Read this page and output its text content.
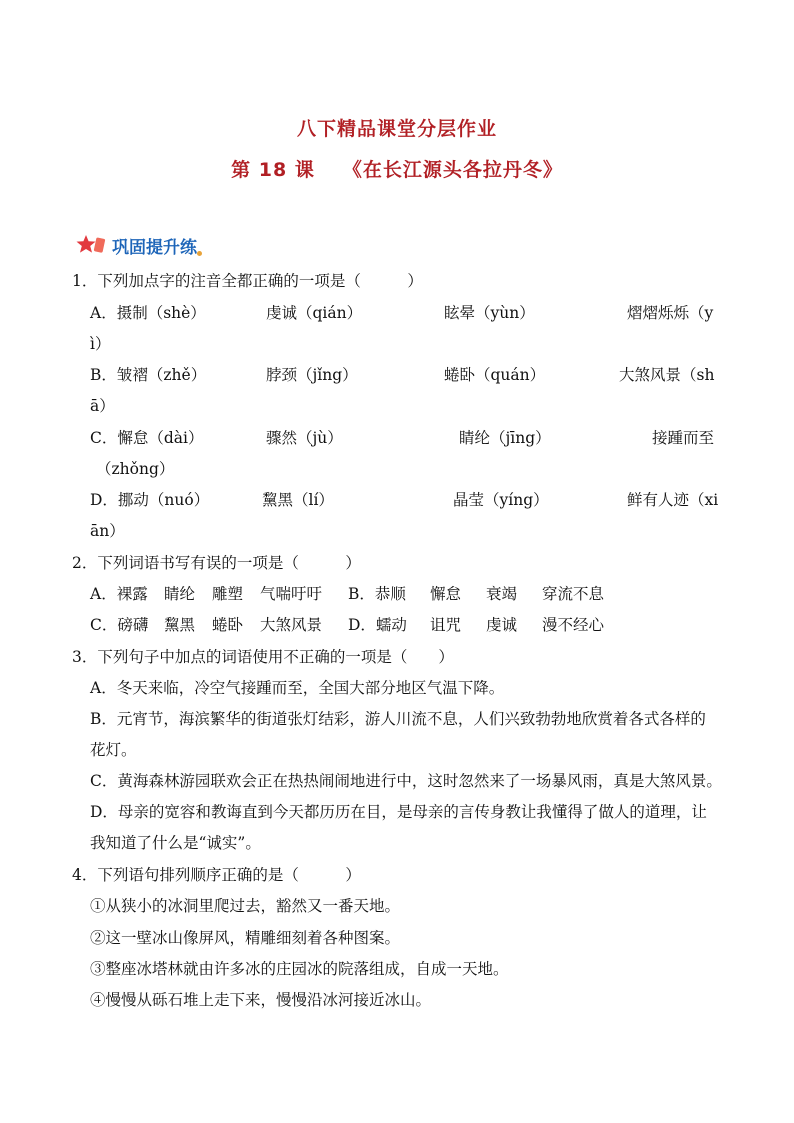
八下精品课堂分层作业
第 18 课 《在长江源头各拉丹冬》
巩固提升练
1．下列加点字的注音全都正确的一项是（　　　）
A．摄制（shè）	虔诚（qián）	眩晕（yùn）	熠熠烁烁（y
ì）
B．皱褶（zhě）	脖颈（jǐng）	蜷卧（quán）	大煞风景（sh
ā）
C．懈怠（dài）	骤然（jù）	睛纶（jīng）	接踵而至
（zhǒng）
D．挪动（nuó）	黧黑（lí）	晶莹（yíng）	鲜有人迹（xi
ān）
2．下列词语书写有误的一项是（　　　）
A．裸露 睛纶 雕塑 气喘吁吁 B．恭顺 懈怠 衰竭 穿流不息
C．磅礴 黧黑 蜷卧 大煞风景 D．蠕动 诅咒 虔诚 漫不经心
3．下列句子中加点的词语使用不正确的一项是（　　）
A．冬天来临，冷空气接踵而至，全国大部分地区气温下降。
B．元宵节，海滨繁华的街道张灯结彩，游人川流不息，人们兴致勃勃地欣赏着各式各样的
花灯。
C．黄海森林游园联欢会正在热热闹闹地进行中，这时忽然来了一场暴风雨，真是大煞风景。
D．母亲的宽容和教诲直到今天都历历在目，是母亲的言传身教让我懂得了做人的道理，让
我知道了什么是“诚实”。
4．下列语句排列顺序正确的是（　　　）
①从狭小的冰洞里爬过去，豁然又一番天地。
②这一壁冰山像屏风，精雕细刻着各种图案。
③整座冰塔林就由许多冰的庄园冰的院落组成，自成一天地。
④慢慢从砾石堆上走下来，慢慢沿冰河接近冰山。
